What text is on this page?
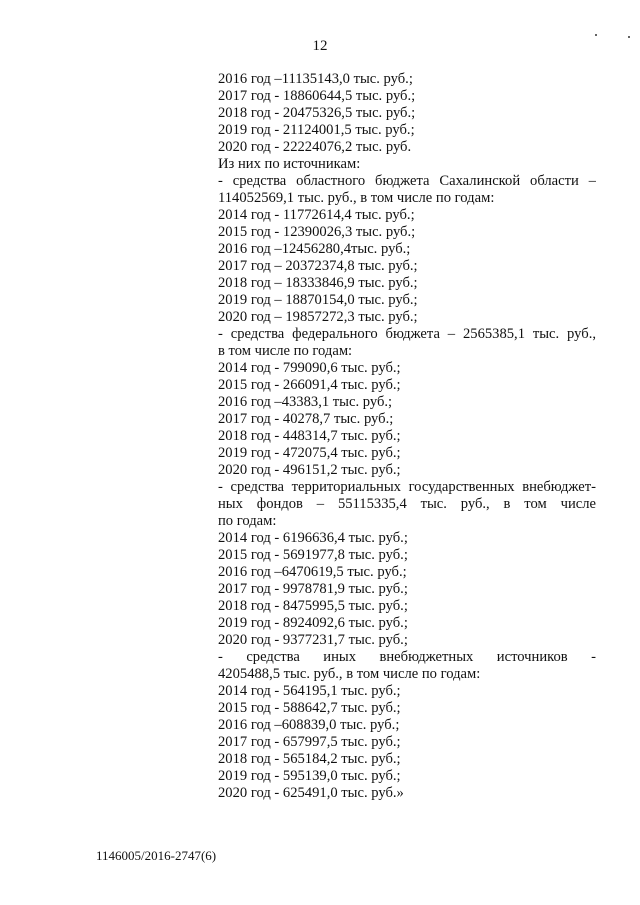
12
2016 год –11135143,0 тыс. руб.;
2017 год - 18860644,5 тыс. руб.;
2018 год - 20475326,5 тыс. руб.;
2019 год - 21124001,5 тыс. руб.;
2020 год - 22224076,2 тыс. руб.
Из них по источникам:
- средства областного бюджета Сахалинской области –
114052569,1 тыс. руб., в том числе по годам:
2014 год - 11772614,4 тыс. руб.;
2015 год - 12390026,3 тыс. руб.;
2016 год –12456280,4тыс. руб.;
2017 год – 20372374,8 тыс. руб.;
2018 год – 18333846,9 тыс. руб.;
2019 год – 18870154,0 тыс. руб.;
2020 год – 19857272,3 тыс. руб.;
- средства федерального бюджета – 2565385,1 тыс. руб.,
в том числе по годам:
2014 год - 799090,6 тыс. руб.;
2015 год - 266091,4 тыс. руб.;
2016 год –43383,1 тыс. руб.;
2017 год - 40278,7 тыс. руб.;
2018 год - 448314,7 тыс. руб.;
2019 год - 472075,4 тыс. руб.;
2020 год - 496151,2 тыс. руб.;
- средства территориальных государственных внебюджет-
ных фондов – 55115335,4 тыс. руб., в том числе
по годам:
2014 год - 6196636,4 тыс. руб.;
2015 год - 5691977,8 тыс. руб.;
2016 год –6470619,5 тыс. руб.;
2017 год - 9978781,9 тыс. руб.;
2018 год - 8475995,5 тыс. руб.;
2019 год - 8924092,6 тыс. руб.;
2020 год - 9377231,7 тыс. руб.;
- средства иных внебюджетных источников -
4205488,5 тыс. руб., в том числе по годам:
2014 год - 564195,1 тыс. руб.;
2015 год - 588642,7 тыс. руб.;
2016 год –608839,0 тыс. руб.;
2017 год - 657997,5 тыс. руб.;
2018 год - 565184,2 тыс. руб.;
2019 год - 595139,0 тыс. руб.;
2020 год - 625491,0 тыс. руб.»
1146005/2016-2747(6)
